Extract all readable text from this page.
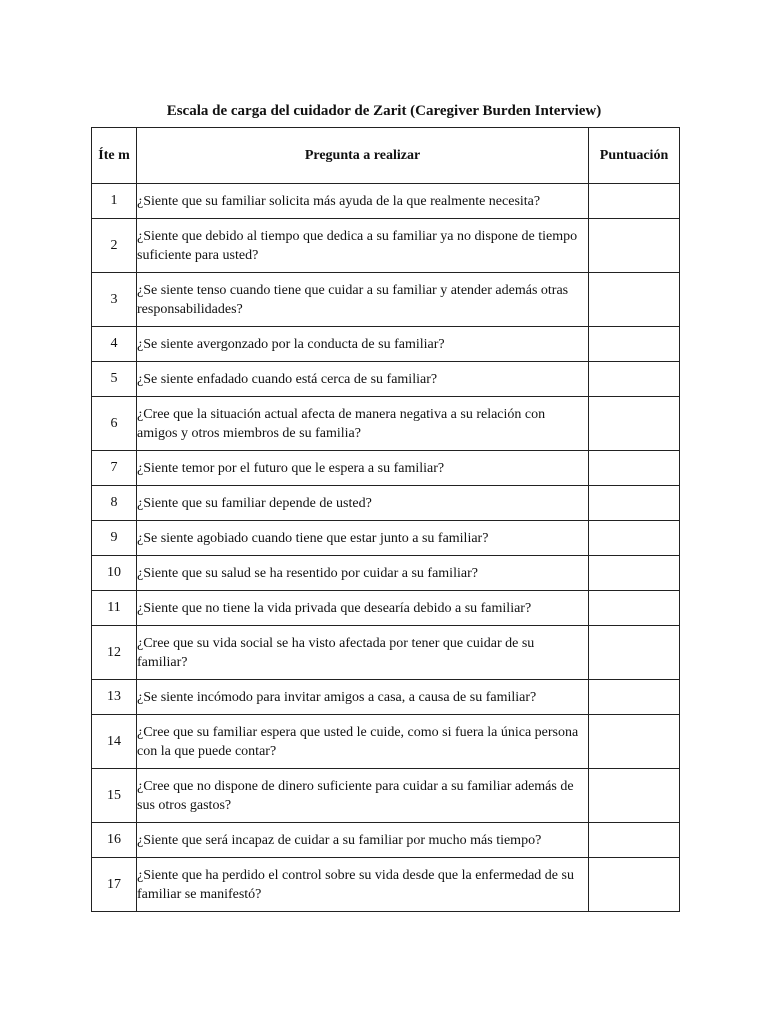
Escala de carga del cuidador de Zarit (Caregiver Burden Interview)
Íte m	Pregunta a realizar	Puntuación
1	¿Siente que su familiar solicita más ayuda de la que realmente necesita?	
2	¿Siente que debido al tiempo que dedica a su familiar ya no dispone de tiempo suficiente para usted?	
3	¿Se siente tenso cuando tiene que cuidar a su familiar y atender además otras responsabilidades?	
4	¿Se siente avergonzado por la conducta de su familiar?	
5	¿Se siente enfadado cuando está cerca de su familiar?	
6	¿Cree que la situación actual afecta de manera negativa a su relación con amigos y otros miembros de su familia?	
7	¿Siente temor por el futuro que le espera a su familiar?	
8	¿Siente que su familiar depende de usted?	
9	¿Se siente agobiado cuando tiene que estar junto a su familiar?	
10	¿Siente que su salud se ha resentido por cuidar a su familiar?	
11	¿Siente que no tiene la vida privada que desearía debido a su familiar?	
12	¿Cree que su vida social se ha visto afectada por tener que cuidar de su familiar?	
13	¿Se siente incómodo para invitar amigos a casa, a causa de su familiar?	
14	¿Cree que su familiar espera que usted le cuide, como si fuera la única persona con la que puede contar?	
15	¿Cree que no dispone de dinero suficiente para cuidar a su familiar además de sus otros gastos?	
16	¿Siente que será incapaz de cuidar a su familiar por mucho más tiempo?	
17	¿Siente que ha perdido el control sobre su vida desde que la enfermedad de su familiar se manifestó?	
